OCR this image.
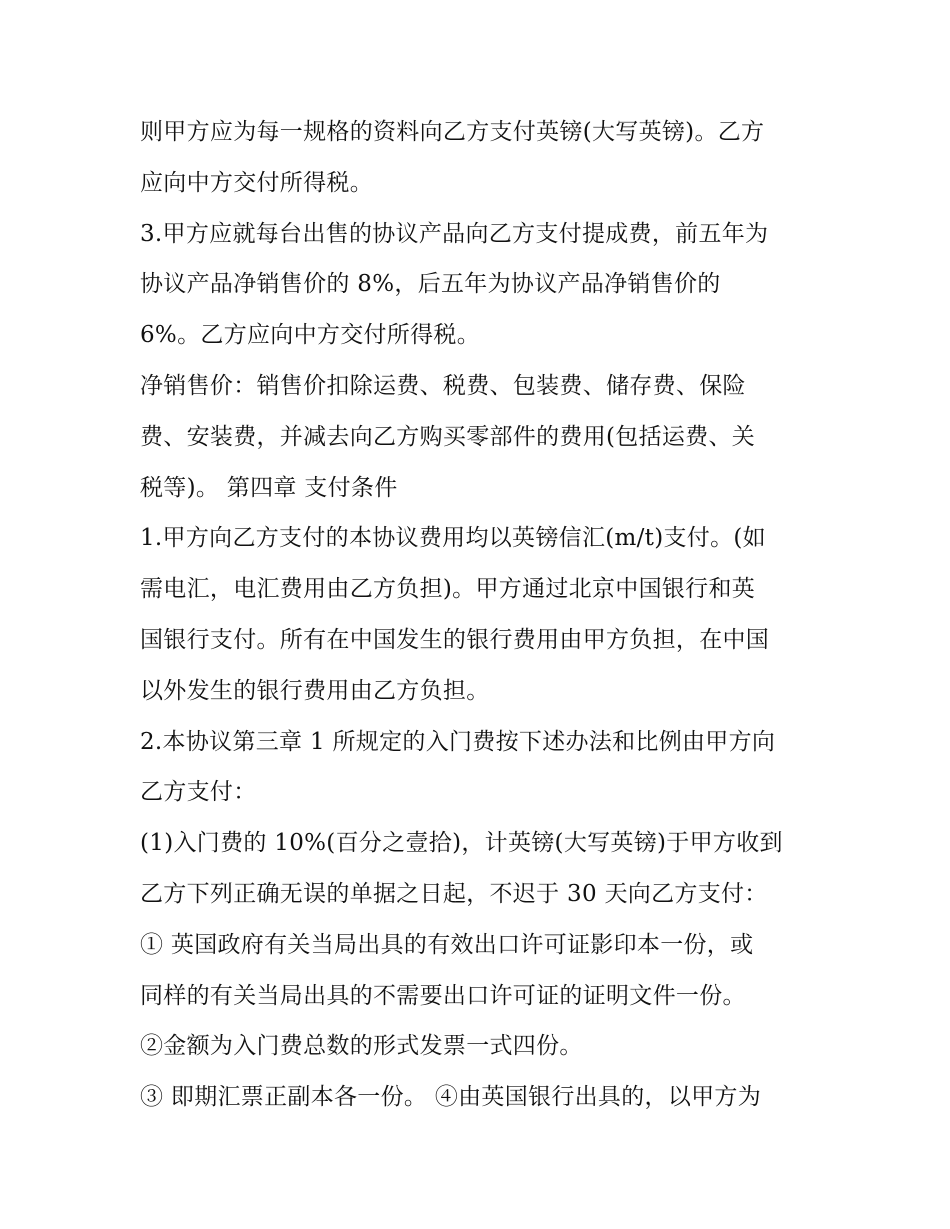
则甲方应为每一规格的资料向乙方支付英镑(大写英镑)。乙方
应向中方交付所得税。
3.甲方应就每台出售的协议产品向乙方支付提成费，前五年为
协议产品净销售价的 8%，后五年为协议产品净销售价的
6%。乙方应向中方交付所得税。
净销售价：销售价扣除运费、税费、包装费、储存费、保险
费、安装费，并减去向乙方购买零部件的费用(包括运费、关
税等)。 第四章 支付条件
1.甲方向乙方支付的本协议费用均以英镑信汇(m/t)支付。(如
需电汇，电汇费用由乙方负担)。甲方通过北京中国银行和英
国银行支付。所有在中国发生的银行费用由甲方负担，在中国
以外发生的银行费用由乙方负担。
2.本协议第三章 1 所规定的入门费按下述办法和比例由甲方向
乙方支付：
(1)入门费的 10%(百分之壹拾)，计英镑(大写英镑)于甲方收到
乙方下列正确无误的单据之日起，不迟于 30 天向乙方支付：
① 英国政府有关当局出具的有效出口许可证影印本一份，或
同样的有关当局出具的不需要出口许可证的证明文件一份。
②金额为入门费总数的形式发票一式四份。
③ 即期汇票正副本各一份。 ④由英国银行出具的，以甲方为
